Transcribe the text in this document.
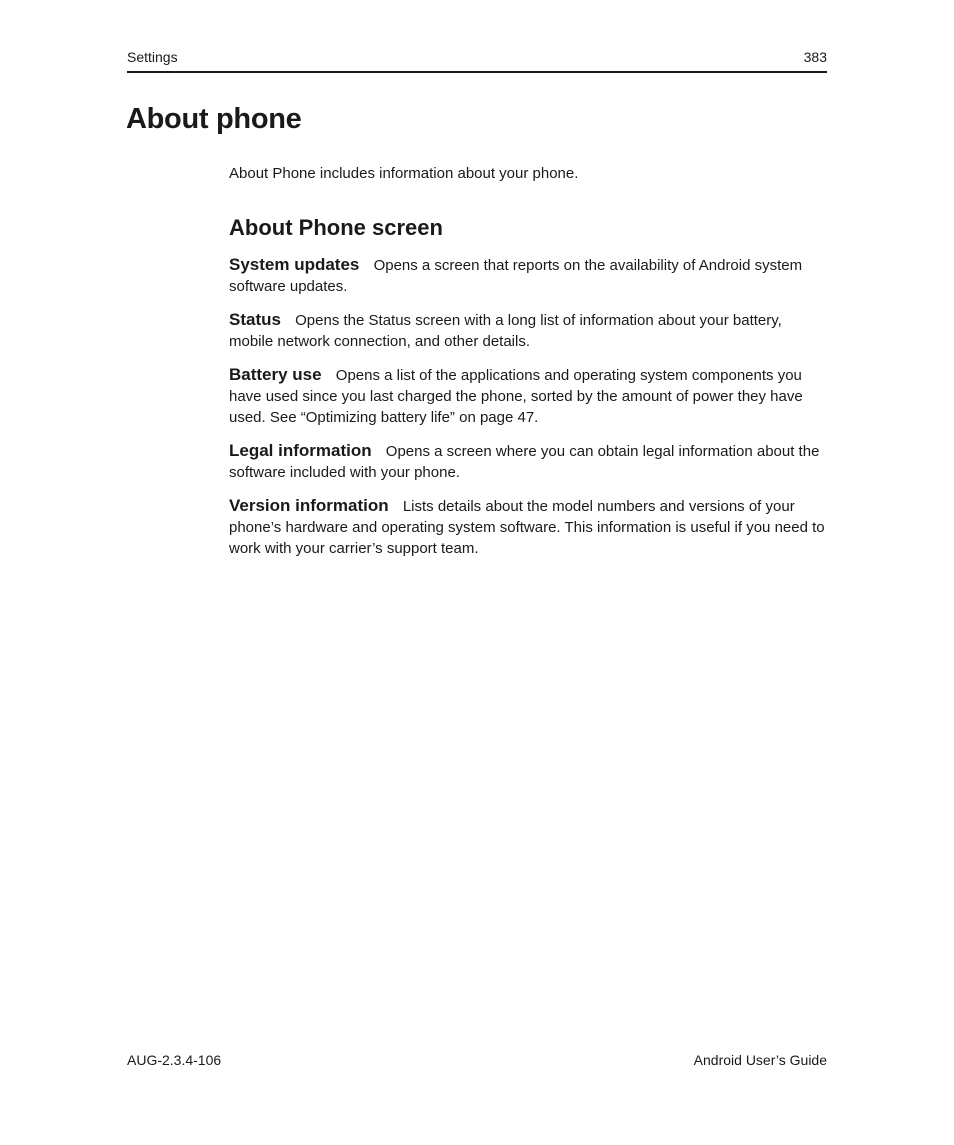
Settings	383
About phone

About Phone includes information about your phone.

About Phone screen

System updates Opens a screen that reports on the availability of Android system software updates.

Status Opens the Status screen with a long list of information about your battery, mobile network connection, and other details.

Battery use Opens a list of the applications and operating system components you have used since you last charged the phone, sorted by the amount of power they have used. See “Optimizing battery life” on page 47.

Legal information Opens a screen where you can obtain legal information about the software included with your phone.

Version information Lists details about the model numbers and versions of your phone’s hardware and operating system software. This information is useful if you need to work with your carrier’s support team.

AUG-2.3.4-106	Android User’s Guide
